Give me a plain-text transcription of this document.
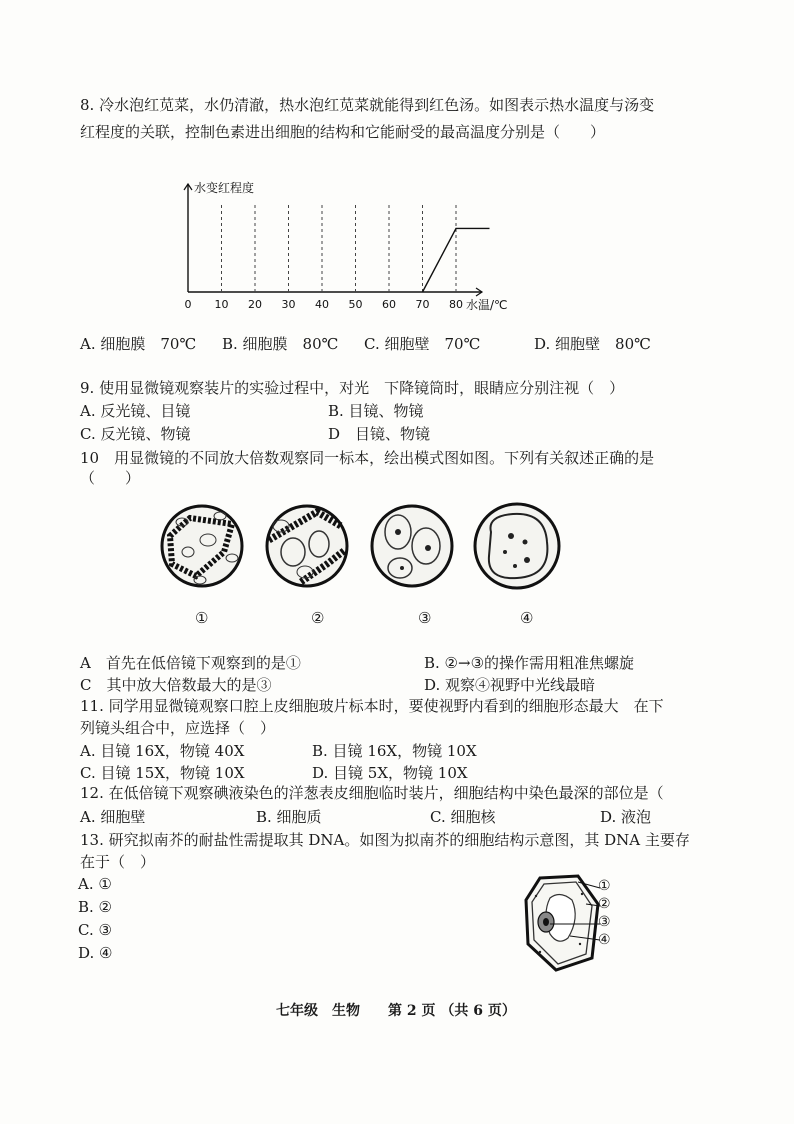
8. 冷水泡红苋菜，水仍清澈，热水泡红苋菜就能得到红色汤。如图表示热水温度与汤变
红程度的关联，控制色素进出细胞的结构和它能耐受的最高温度分别是（　　）
0 10 20 30 40 50 60 70 80
水变红程度
水温/℃
A. 细胞膜　70℃ B. 细胞膜　80℃ C. 细胞壁　70℃	D. 细胞壁　80℃
9. 使用显微镜观察装片的实验过程中，对光　下降镜筒时，眼睛应分别注视（　）
A. 反光镜、目镜	B. 目镜、物镜
C. 反光镜、物镜	D　目镜、物镜
10　用显微镜的不同放大倍数观察同一标本，绘出模式图如图。下列有关叙述正确的是
（　　）
①	②	③	④
A　首先在低倍镜下观察到的是①	B. ②→③的操作需用粗准焦螺旋
C　其中放大倍数最大的是③	D. 观察④视野中光线最暗
11. 同学用显微镜观察口腔上皮细胞玻片标本时，要使视野内看到的细胞形态最大　在下
列镜头组合中，应选择（　）
A. 目镜 16X，物镜 40X	B. 目镜 16X，物镜 10X
C. 目镜 15X，物镜 10X	D. 目镜 5X，物镜 10X
12. 在低倍镜下观察碘液染色的洋葱表皮细胞临时装片，细胞结构中染色最深的部位是（
A. 细胞壁	B. 细胞质	C. 细胞核	D. 液泡
13. 研究拟南芥的耐盐性需提取其 DNA。如图为拟南芥的细胞结构示意图，其 DNA 主要存
在于（　）
A. ①
B. ②
C. ③
D. ④
①
②
③
④
七年级　生物　　第 2 页 （共 6 页）
